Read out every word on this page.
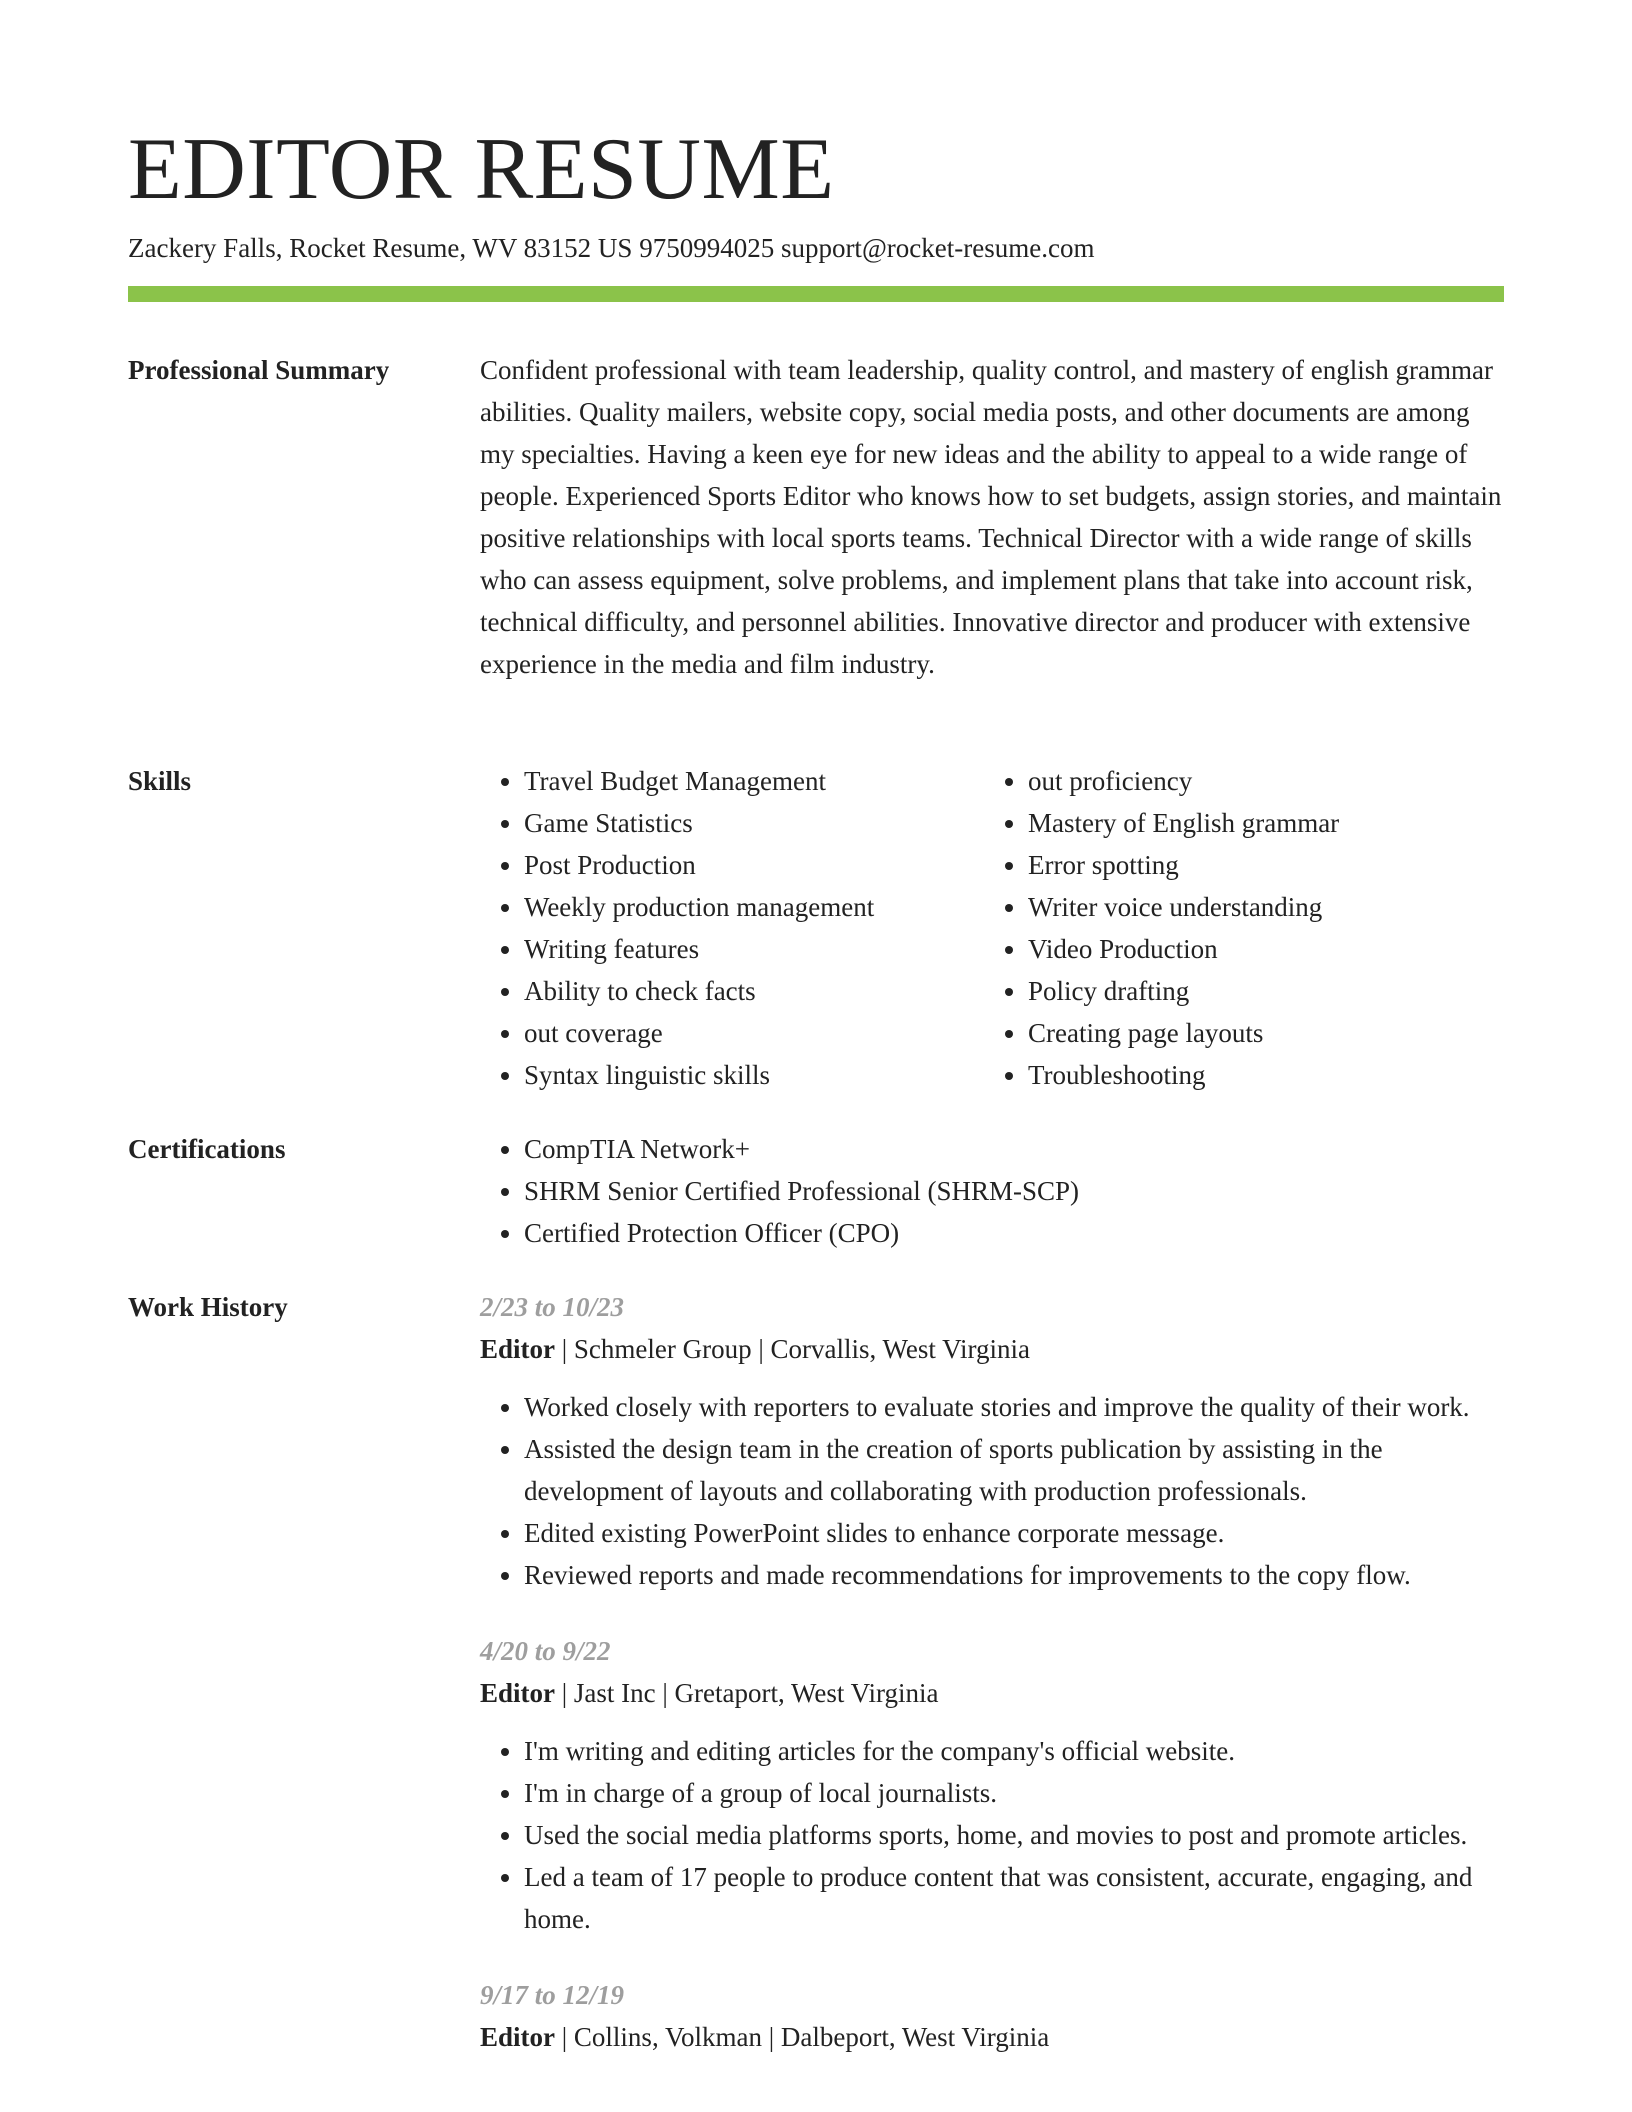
EDITOR RESUME
Zackery Falls, Rocket Resume, WV 83152 US 9750994025 support@rocket-resume.com
Professional Summary	Confident professional with team leadership, quality control, and mastery of english grammar abilities. Quality mailers, website copy, social media posts, and other documents are among my specialties. Having a keen eye for new ideas and the ability to appeal to a wide range of people. Experienced Sports Editor who knows how to set budgets, assign stories, and maintain positive relationships with local sports teams. Technical Director with a wide range of skills who can assess equipment, solve problems, and implement plans that take into account risk, technical difficulty, and personnel abilities. Innovative director and producer with extensive experience in the media and film industry.

Skills	• Travel Budget Management
• Game Statistics
• Post Production
• Weekly production management
• Writing features
• Ability to check facts
• out coverage
• Syntax linguistic skills
• out proficiency
• Mastery of English grammar
• Error spotting
• Writer voice understanding
• Video Production
• Policy drafting
• Creating page layouts
• Troubleshooting
Certifications	• CompTIA Network+
• SHRM Senior Certified Professional (SHRM-SCP)
• Certified Protection Officer (CPO)
Work History	2/23 to 10/23
Editor | Schmeler Group | Corvallis, West Virginia
• Worked closely with reporters to evaluate stories and improve the quality of their work.
• Assisted the design team in the creation of sports publication by assisting in the development of layouts and collaborating with production professionals.
• Edited existing PowerPoint slides to enhance corporate message.
• Reviewed reports and made recommendations for improvements to the copy flow.
4/20 to 9/22
Editor | Jast Inc | Gretaport, West Virginia
• I'm writing and editing articles for the company's official website.
• I'm in charge of a group of local journalists.
• Used the social media platforms sports, home, and movies to post and promote articles.
• Led a team of 17 people to produce content that was consistent, accurate, engaging, and home.
9/17 to 12/19
Editor | Collins, Volkman | Dalbeport, West Virginia
